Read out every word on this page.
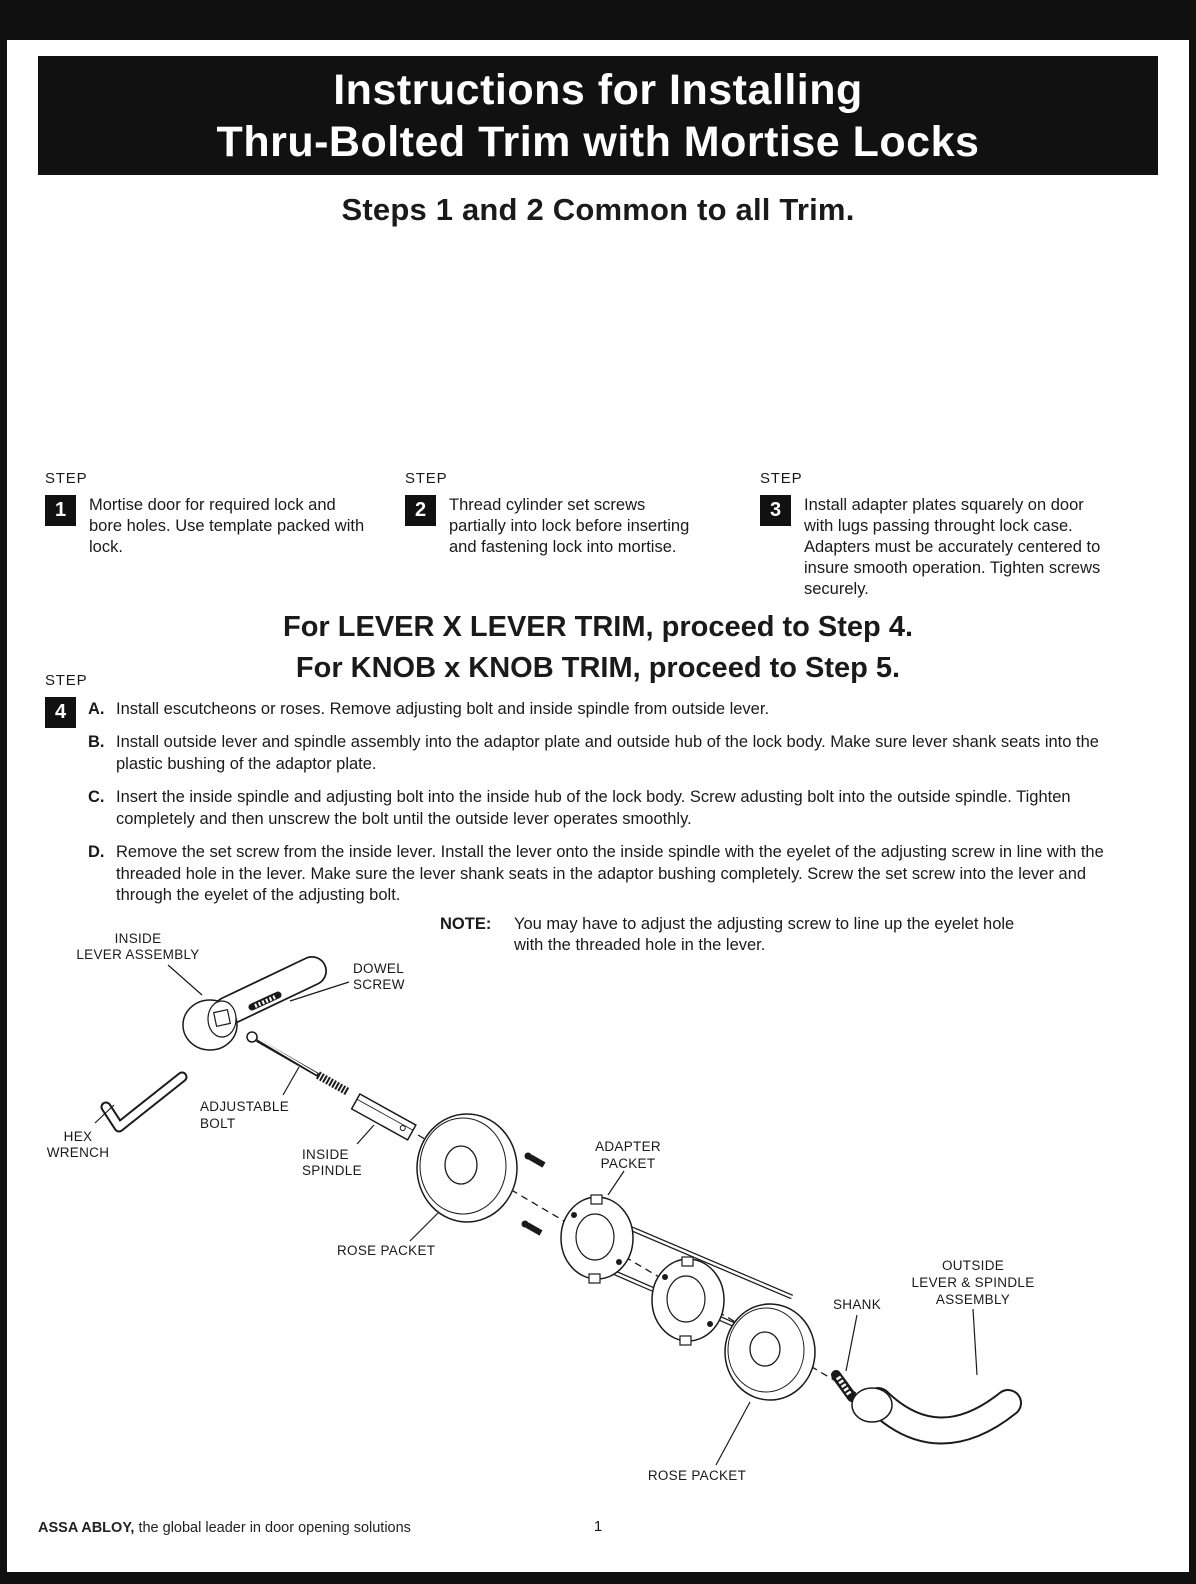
Instructions for Installing
Thru-Bolted Trim with Mortise Locks
Steps 1 and 2 Common to all Trim.
STEP
1	Mortise door for required lock and bore holes. Use template packed with lock.
STEP
2	Thread cylinder set screws partially into lock before inserting and fastening lock into mortise.
STEP
3	Install adapter plates squarely on door with lugs passing throught lock case. Adapters must be accurately centered to insure smooth operation. Tighten screws securely.
For LEVER X LEVER TRIM, proceed to Step 4.
For KNOB x KNOB TRIM, proceed to Step 5.
STEP
4	A. Install escutcheons or roses. Remove adjusting bolt and inside spindle from outside lever.
B. Install outside lever and spindle assembly into the adaptor plate and outside hub of the lock body. Make sure lever shank seats into the plastic bushing of the adaptor plate.
C. Insert the inside spindle and adjusting bolt into the inside hub of the lock body. Screw adusting bolt into the outside spindle. Tighten completely and then unscrew the bolt until the outside lever operates smoothly.
D. Remove the set screw from the inside lever. Install the lever onto the inside spindle with the eyelet of the adjusting screw in line with the threaded hole in the lever. Make sure the lever shank seats in the adaptor bushing completely. Screw the set screw into the lever and through the eyelet of the adjusting bolt.
NOTE:	You may have to adjust the adjusting screw to line up the eyelet hole with the threaded hole in the lever.
INSIDE
LEVER ASSEMBLY
DOWEL
SCREW
HEX
WRENCH
ADJUSTABLE
BOLT
INSIDE
SPINDLE
ROSE PACKET
ADAPTER
PACKET
SHANK
OUTSIDE
LEVER & SPINDLE
ASSEMBLY
ROSE PACKET
ASSA ABLOY, the global leader in door opening solutions	1
